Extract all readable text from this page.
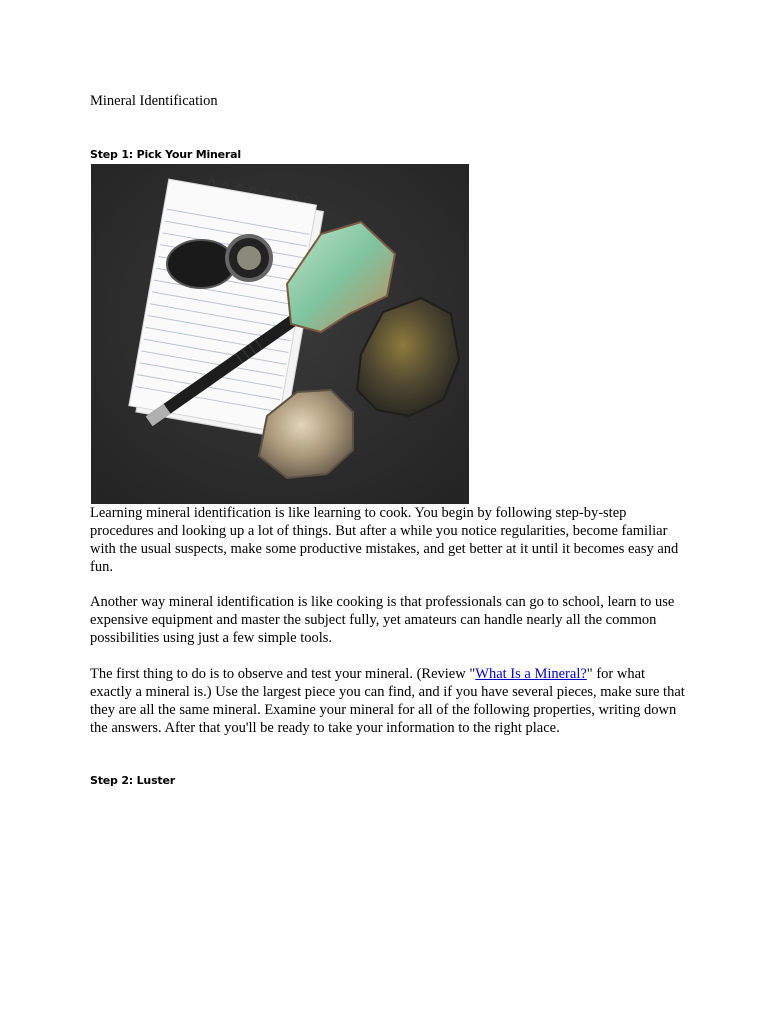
Mineral Identification
Step 1: Pick Your Mineral
Learning mineral identification is like learning to cook. You begin by following step-by-step procedures and looking up a lot of things. But after a while you notice regularities, become familiar with the usual suspects, make some productive mistakes, and get better at it until it becomes easy and fun.
Another way mineral identification is like cooking is that professionals can go to school, learn to use expensive equipment and master the subject fully, yet amateurs can handle nearly all the common possibilities using just a few simple tools.
The first thing to do is to observe and test your mineral. (Review "What Is a Mineral?" for what exactly a mineral is.) Use the largest piece you can find, and if you have several pieces, make sure that they are all the same mineral. Examine your mineral for all of the following properties, writing down the answers. After that you'll be ready to take your information to the right place.
Step 2: Luster
